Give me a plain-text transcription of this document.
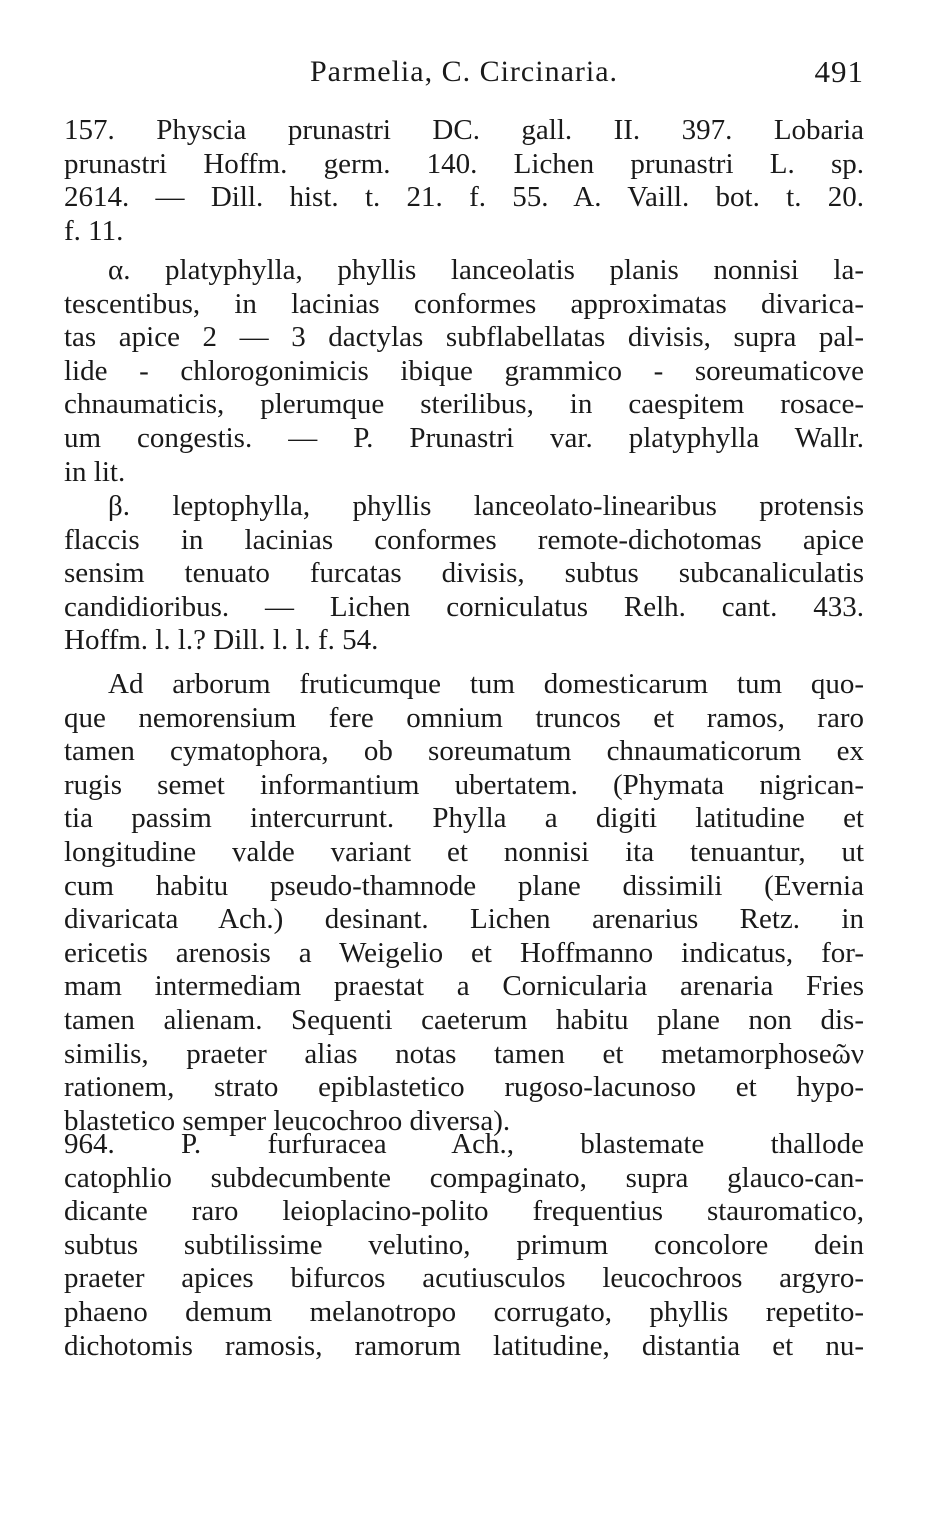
Parmelia, C. Circinaria.	491
157. Physcia prunastri DC. gall. II. 397. Lobaria
prunastri Hoffm. germ. 140. Lichen prunastri L. sp.
2614. — Dill. hist. t. 21. f. 55. A. Vaill. bot. t. 20.
f. 11.
α. platyphylla, phyllis lanceolatis planis nonnisi la-
tescentibus, in lacinias conformes approximatas divarica-
tas apice 2 — 3 dactylas subflabellatas divisis, supra pal-
lide - chlorogonimicis ibique grammico - soreumaticove
chnaumaticis, plerumque sterilibus, in caespitem rosace-
um congestis. — P. Prunastri var. platyphylla Wallr.
in lit.
β. leptophylla, phyllis lanceolato-linearibus protensis
flaccis in lacinias conformes remote-dichotomas apice
sensim tenuato furcatas divisis, subtus subcanaliculatis
candidioribus. — Lichen corniculatus Relh. cant. 433.
Hoffm. l. l.? Dill. l. l. f. 54.
Ad arborum fruticumque tum domesticarum tum quo-
que nemorensium fere omnium truncos et ramos, raro
tamen cymatophora, ob soreumatum chnaumaticorum ex
rugis semet informantium ubertatem. (Phymata nigrican-
tia passim intercurrunt. Phylla a digiti latitudine et
longitudine valde variant et nonnisi ita tenuantur, ut
cum habitu pseudo-thamnode plane dissimili (Evernia
divaricata Ach.) desinant. Lichen arenarius Retz. in
ericetis arenosis a Weigelio et Hoffmanno indicatus, for-
mam intermediam praestat a Cornicularia arenaria Fries
tamen alienam. Sequenti caeterum habitu plane non dis-
similis, praeter alias notas tamen et metamorphoseῶν
rationem, strato epiblastetico rugoso-lacunoso et hypo-
blastetico semper leucochroo diversa).
964. P. furfuracea Ach., blastemate thallode
catophlio subdecumbente compaginato, supra glauco-can-
dicante raro leioplacino-polito frequentius stauromatico,
subtus subtilissime velutino, primum concolore dein
praeter apices bifurcos acutiusculos leucochroos argyro-
phaeno demum melanotropo corrugato, phyllis repetito-
dichotomis ramosis, ramorum latitudine, distantia et nu-
